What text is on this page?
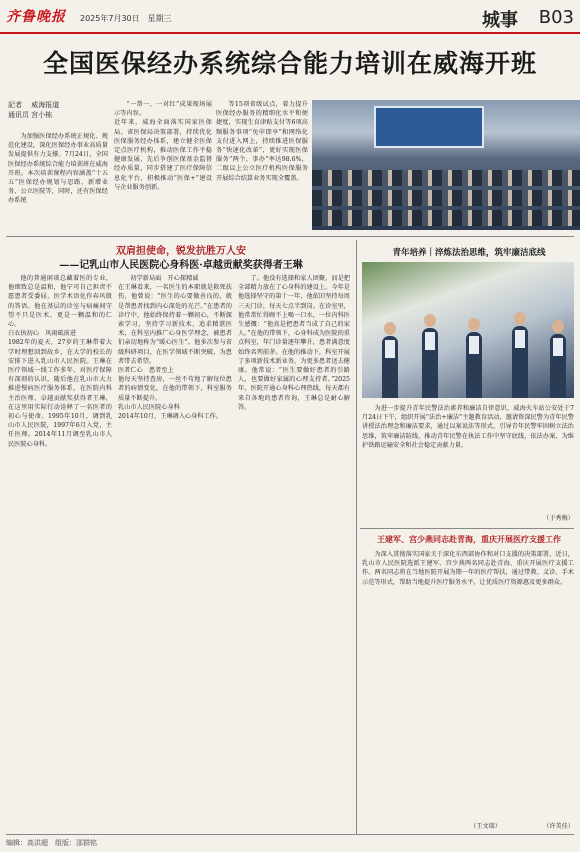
齐鲁晚报 2025年7月30日　星期三	城事 B03
全国医保经办系统综合能力培训在威海开班
記者 　威海报道
通讯员 宫小栋

为加强医保经办系统正规化、规范化建设，深化医保经办事业高质量发展提供有力支撑。7月24日，全国医保经办系统综合能力培训班在威海开班。本次培训课程内容涵盖“十五五”医保经办规划与思路、新增业务、公立医院等，同时，还有医保经办系统

“一帮一、一对红”成果现场展示等内容。
近年来，威海全面落实国家医保局、省医保局决策部署，持续优化医保服务经办体系，建立健全医保定点医疗机构，推动医保工作平稳健康发展，先后争创医保基金监督经办质量，同步搭建了医疗保障信息化平台，积极推动“医保+”建设与企业服务创新。

等15项省级试点，着力提升医保经办服务的精细化水平和便捷度，实现生育津贴支付等6项高频服务事项“免申即享”和网络化支付进入网上，持续推进医保服务“快速化改革”，更好实现医保服务“两个、事办”率达98.6%，二级以上公立医疗机构医保服务开展综合结算业务实现全覆盖。

双肩担使命，锐发抗胜万人安
——记乳山市人民医院心身科医·卓越贡献奖获得者王琳

他的普通闲谈总藏着医的专业，他细致总是温和，他宁可自己担责不愿患者受委屈，医学术语化作春风般的答语。他在基层的诊室与病痛间守望不只是医术，更是一颗温和的仁心。
白衣执初心　风雨砥前进
1982年的夏天，27岁的王琳带着大学时理想回到故乡，在大学的校长的安排下进入乳山市人民医院。王琳在医疗领域一线工作多年，对医疗保障有深刻的认识，随后他在乳山市大力推进慢病医疗服务体系，在医院内科主治医师、卓越贡献奖获得者王琳，在这里用实际行动诠释了一名医者的初心与使命。1995年10月，调到乳山市人民医院，1997年6月入党，主任医师。2014年11月调至乳山市人民医院心身科。

初学新局面　开心探精诚
在王琳看来，一名医生的本职就是救死扶伤，他曾说：“医生的心要做善良的，就是帮患者找到内心深处的光芒。”在患者的诊疗中，他始终保持着一颗初心，不断探索学习，坚持学习新技术，追求精湛医术，在科室内推广心身医学理念，被患者们亲切地称为“暖心医生”。他多次参与省级科研项目，在医学领域不断突破，为患者带去希望。
医者仁心　患者至上
他每天坚持查房，一丝不苟地了解每位患者的病情变化，在他的带领下，科室服务质量不断提升。
乳山市人民医院心身科
2014年10月，王琳调入心身科工作。

了。他没有选择和家人团聚，而是把全部精力放在了心身科的建设上。今年是他选择坚守的第十一年，他依旧坚持每周三天门诊，每天七点半到岗。在诊室里，他常常忙得顾不上喝一口水，一位内科医生感慨：“他真是把患者当成了自己的家人。”在他的带领下，心身科成为医院的重点科室，年门诊量逐年攀升，患者满意度始终名列前茅。在他的推动下，科室开展了多项新技术新业务，为更多患者送去健康。他常说：“医生要做好患者的引路人，也要做好家属的心理支持者。”2025年，医院开通心身科心理热线，每天都有来自各地的患者咨询，王琳总是耐心解答。

青年培养｜淬炼法治思维，筑牢廉洁底线

为进一步提升青年民警法治素养和廉洁自律意识，威海火车站公安处于7月24日下午，组织开展“法治+廉洁”主题教育活动，邀请资深民警为青年民警讲授法治理念和廉洁要求，通过以案说法等形式，引导青年民警牢固树立法治思维，筑牢廉洁防线，推动青年民警在执法工作中坚守底线，依法办案，为维护铁路运输安全和社会稳定贡献力量。

（于秀梅）
王建军、宫少燕同志赴青海，重庆开展医疗支援工作

为深入贯彻落实国家关于深化东西部协作和对口支援的决策部署，近日，乳山市人民医院选派王建军、宫少燕两名同志赴青海、重庆开展医疗支援工作。两名同志将在当地医院开展为期一年的医疗帮扶，通过带教、义诊、手术示范等形式，帮助当地提升医疗服务水平，让优质医疗资源惠及更多群众。

（王文瑞）	（许美佳）
编辑：高洪超　组版：邵群铭
